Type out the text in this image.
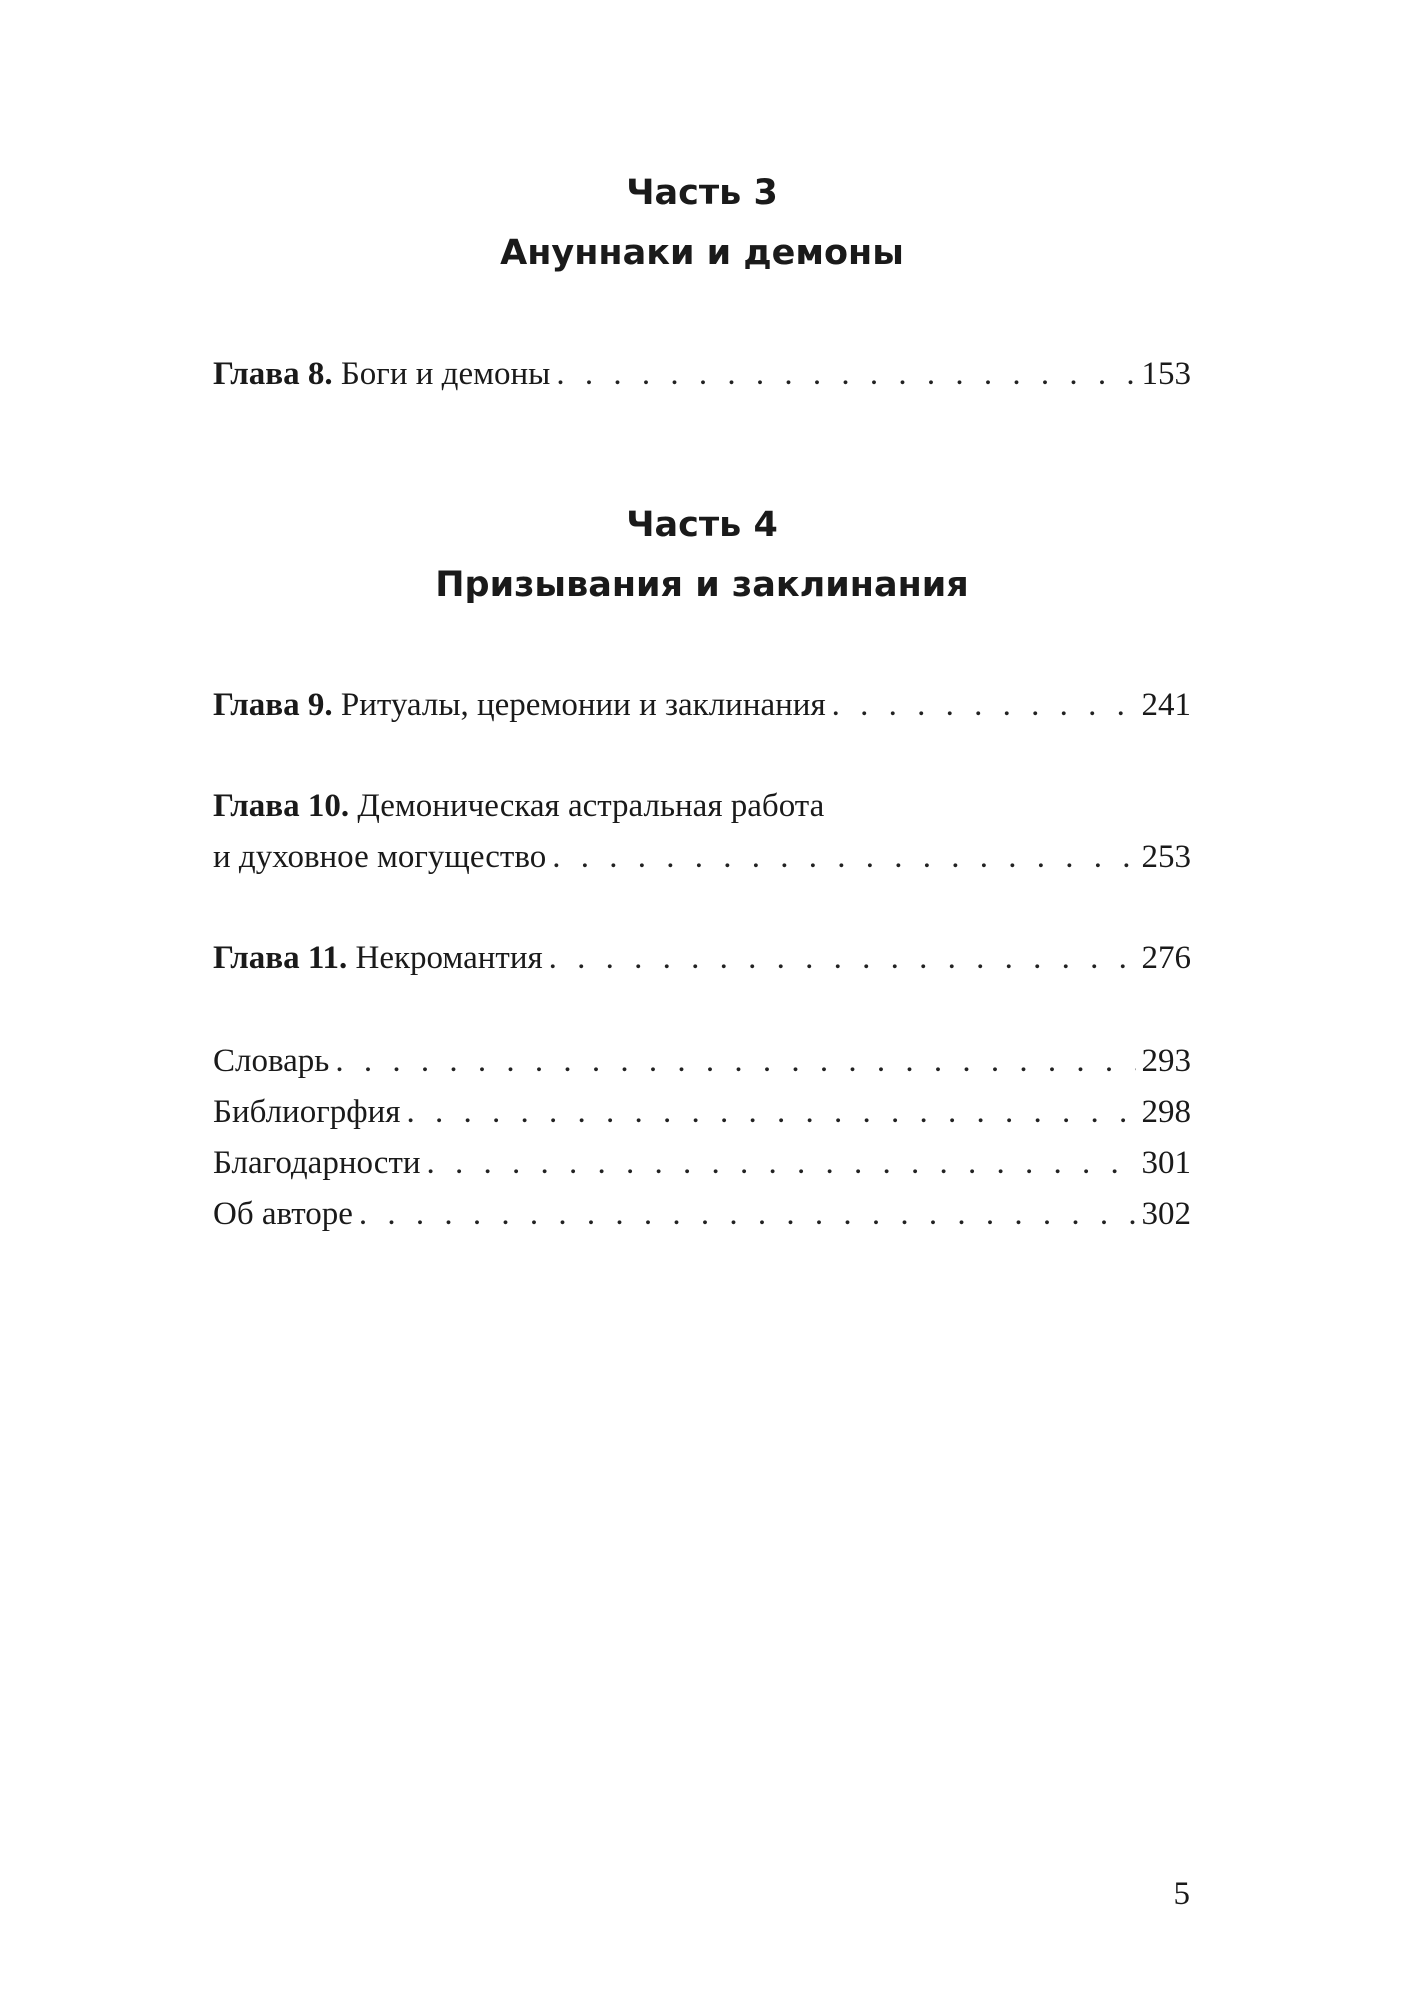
Часть 3
Ануннаки и демоны
Глава 8. Боги и демоны . . .	153
Часть 4
Призывания и заклинания
Глава 9. Ритуалы, церемонии и заклинания . . .	241
Глава 10. Демоническая астральная работа
и духовное могущество . . .	253
Глава 11. Некромантия . . .	276
Словарь . . .	293
Библиогрфия . . .	298
Благодарности . . .	301
Об авторе . . .	302
5
